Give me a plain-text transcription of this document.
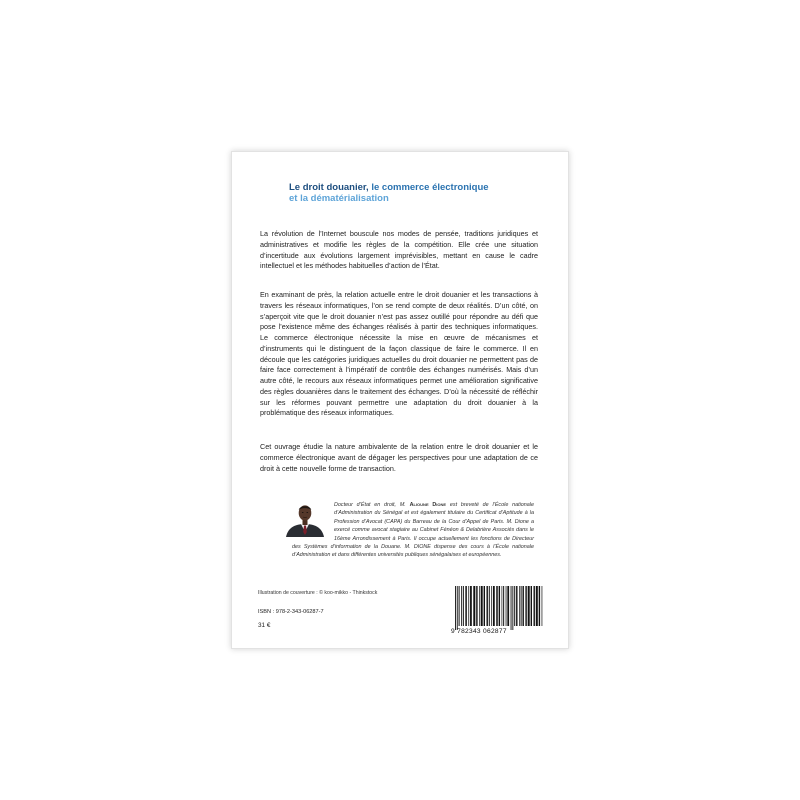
Le droit douanier, le commerce électronique
et la dématérialisation
La révolution de l’Internet bouscule nos modes de pensée, traditions juridiques et administratives et modifie les règles de la compétition. Elle crée une situation d’incertitude aux évolutions largement imprévisibles, mettant en cause le cadre intellectuel et les méthodes habituelles d’action de l’État.
En examinant de près, la relation actuelle entre le droit douanier et les transactions à travers les réseaux informatiques, l’on se rend compte de deux réalités. D’un côté, on s’aperçoit vite que le droit douanier n’est pas assez outillé pour répondre au défi que pose l’existence même des échanges réalisés à partir des techniques informatiques. Le commerce électronique nécessite la mise en œuvre de mécanismes et d’instruments qui le distinguent de la façon classique de faire le commerce. Il en découle que les catégories juridiques actuelles du droit douanier ne permettent pas de faire face correctement à l’impératif de contrôle des échanges numérisés. Mais d’un autre côté, le recours aux réseaux informatiques permet une amélioration significative des règles douanières dans le traitement des échanges. D’où la nécessité de réfléchir sur les réformes pouvant permettre une adaptation du droit douanier à la problématique des réseaux informatiques.
Cet ouvrage étudie la nature ambivalente de la relation entre le droit douanier et le commerce électronique avant de dégager les perspectives pour une adaptation de ce droit à cette nouvelle forme de transaction.
Docteur d’État en droit, M. Alioune Dione est breveté de l’École nationale d’Administration du Sénégal et est également titulaire du Certificat d’Aptitude à la Profession d’Avocat (CAPA) du Barreau de la Cour d’Appel de Paris. M. Dione a exercé comme avocat stagiaire au Cabinet Fénéon & Delabrière Associés dans le 16ème Arrondissement à Paris. Il occupe actuellement les fonctions de Directeur des Systèmes d’information de la Douane. M. DIONE dispense des cours à l’École nationale d’Administration et dans différentes universités publiques sénégalaises et européennes.
Illustration de couverture : © koo-mikko - Thinkstock
ISBN : 978-2-343-06287-7
31 €
9 782343 062877
